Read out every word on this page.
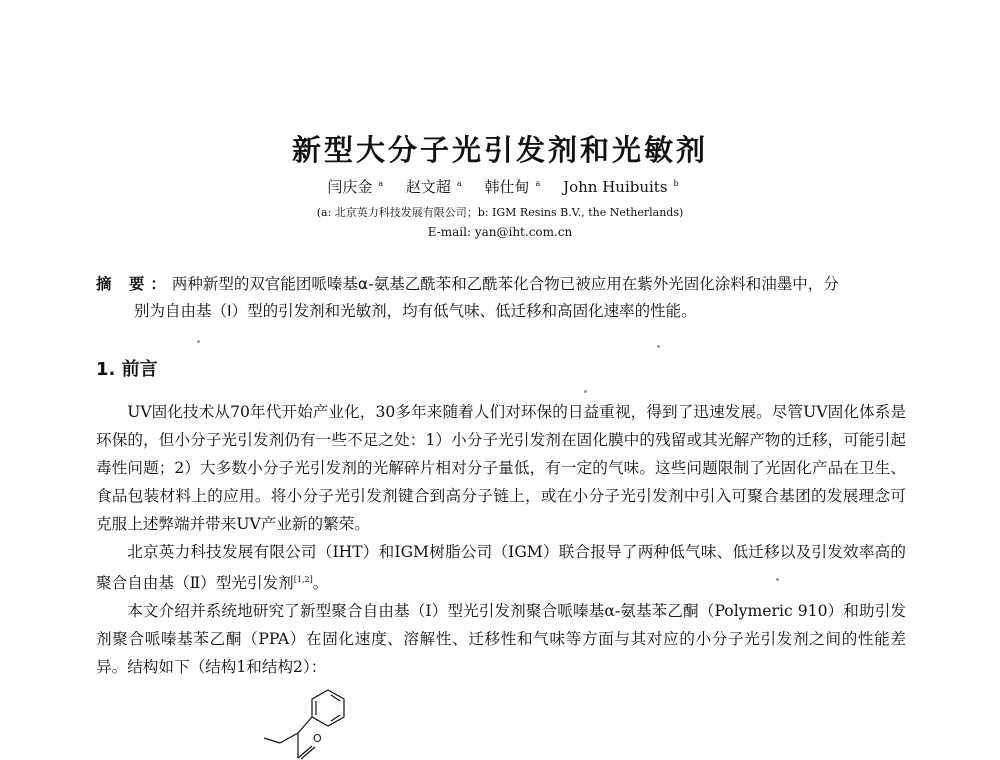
新型大分子光引发剂和光敏剂
闫庆金 $^a$ 赵文超 $^a$ 韩仕甸 $^a$ John Huibuits $^b$
(a: 北京英力科技发展有限公司；b: IGM Resins B.V., the Netherlands)
E-mail: yan@iht.com.cn
摘 要：两种新型的双官能团哌嗪基α-氨基乙酰苯和乙酰苯化合物已被应用在紫外光固化涂料和油墨中，分
别为自由基（I）型的引发剂和光敏剂，均有低气味、低迁移和高固化速率的性能。
1. 前言

UV固化技术从70年代开始产业化，30多年来随着人们对环保的日益重视，得到了迅速发展。尽管UV固化体系是环保的，但小分子光引发剂仍有一些不足之处：1）小分子光引发剂在固化膜中的残留或其光解产物的迁移，可能引起毒性问题；2）大多数小分子光引发剂的光解碎片相对分子量低，有一定的气味。这些问题限制了光固化产品在卫生、食品包装材料上的应用。将小分子光引发剂键合到高分子链上，或在小分子光引发剂中引入可聚合基团的发展理念可克服上述弊端并带来UV产业新的繁荣。

北京英力科技发展有限公司（IHT）和IGM树脂公司（IGM）联合报导了两种低气味、低迁移以及引发效率高的聚合自由基（Ⅱ）型光引发剂[1,2]。

本文介绍并系统地研究了新型聚合自由基（Ⅰ）型光引发剂聚合哌嗪基α-氨基苯乙酮（Polymeric 910）和助引发剂聚合哌嗪基苯乙酮（PPA）在固化速度、溶解性、迁移性和气味等方面与其对应的小分子光引发剂之间的性能差异。结构如下（结构1和结构2）：

O
